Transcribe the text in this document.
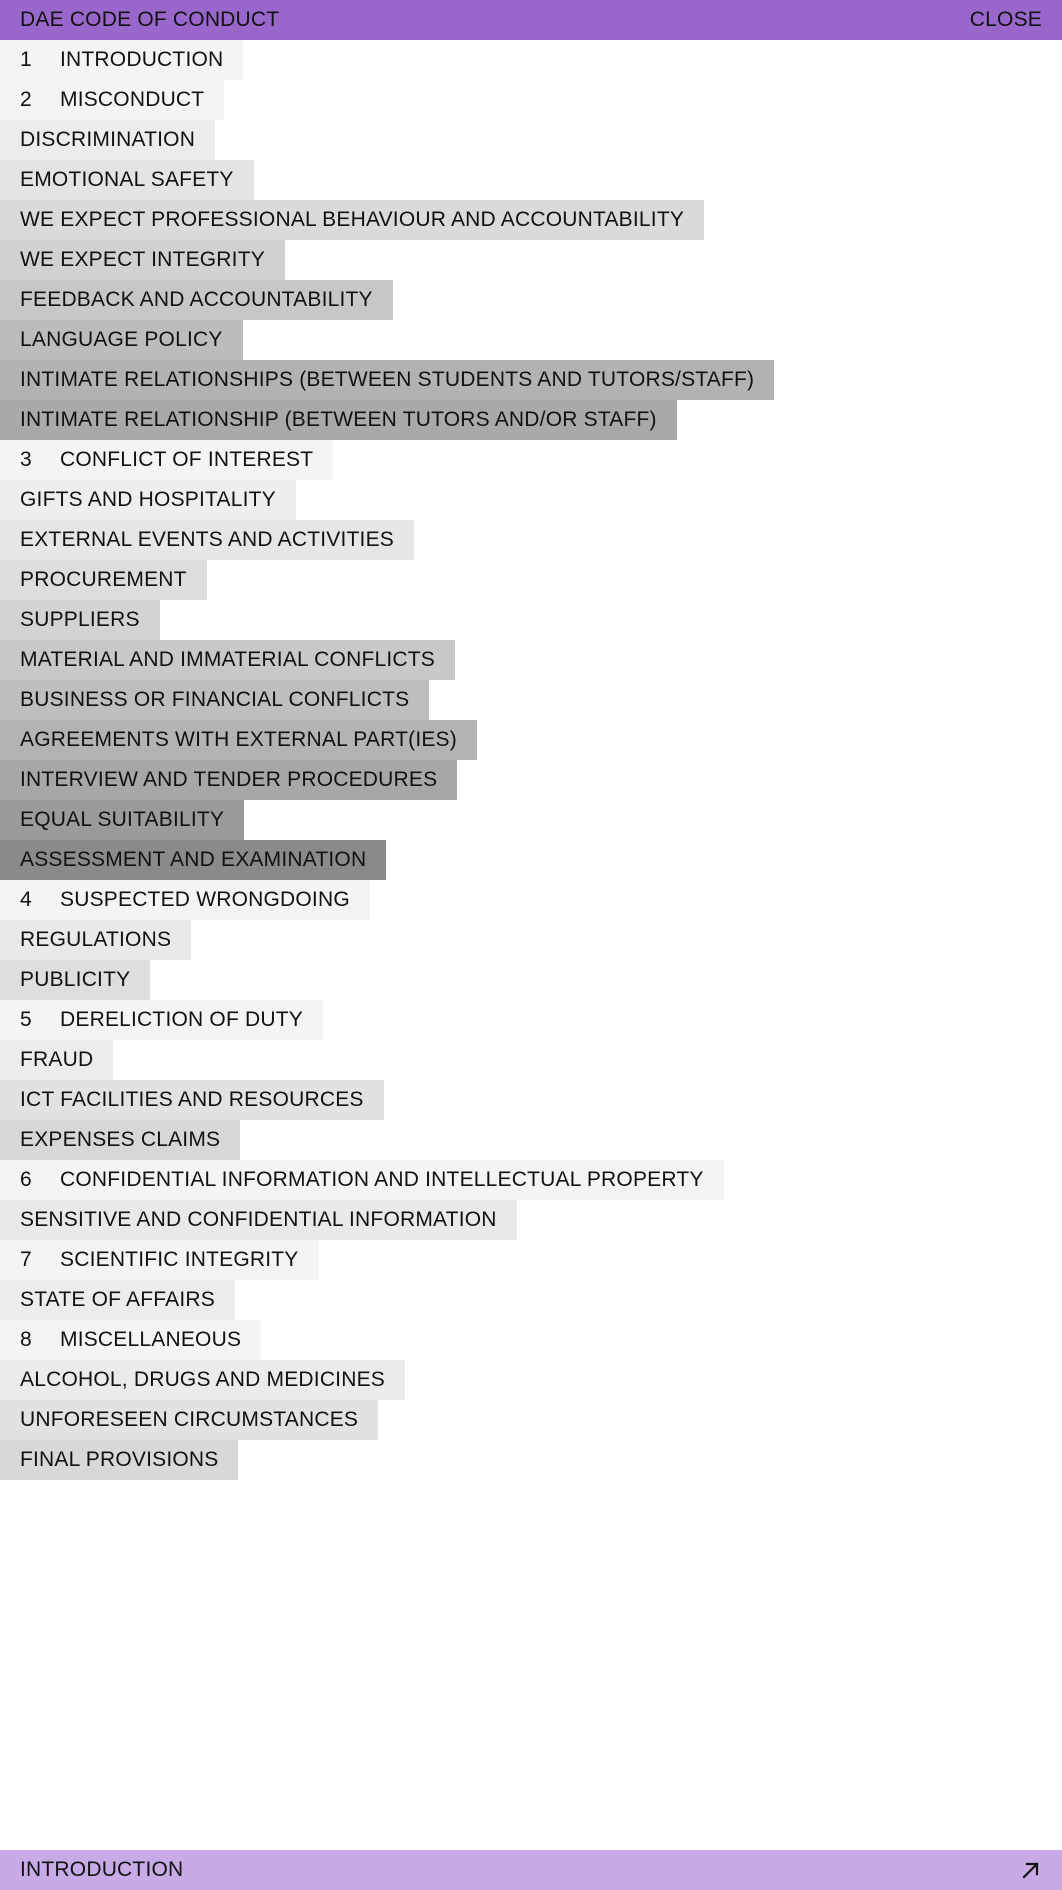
DAE CODE OF CONDUCT	CLOSE
1 INTRODUCTION
2 MISCONDUCT
DISCRIMINATION
EMOTIONAL SAFETY
WE EXPECT PROFESSIONAL BEHAVIOUR AND ACCOUNTABILITY
WE EXPECT INTEGRITY
FEEDBACK AND ACCOUNTABILITY
LANGUAGE POLICY
INTIMATE RELATIONSHIPS (BETWEEN STUDENTS AND TUTORS/STAFF)
INTIMATE RELATIONSHIP (BETWEEN TUTORS AND/OR STAFF)
3 CONFLICT OF INTEREST
GIFTS AND HOSPITALITY
EXTERNAL EVENTS AND ACTIVITIES
PROCUREMENT
SUPPLIERS
MATERIAL AND IMMATERIAL CONFLICTS
BUSINESS OR FINANCIAL CONFLICTS
AGREEMENTS WITH EXTERNAL PART(IES)
INTERVIEW AND TENDER PROCEDURES
EQUAL SUITABILITY
ASSESSMENT AND EXAMINATION
4 SUSPECTED WRONGDOING
REGULATIONS
PUBLICITY
5 DERELICTION OF DUTY
FRAUD
ICT FACILITIES AND RESOURCES
EXPENSES CLAIMS
6 CONFIDENTIAL INFORMATION AND INTELLECTUAL PROPERTY
SENSITIVE AND CONFIDENTIAL INFORMATION
7 SCIENTIFIC INTEGRITY
STATE OF AFFAIRS
8 MISCELLANEOUS
ALCOHOL, DRUGS AND MEDICINES
UNFORESEEN CIRCUMSTANCES
FINAL PROVISIONS
INTRODUCTION
